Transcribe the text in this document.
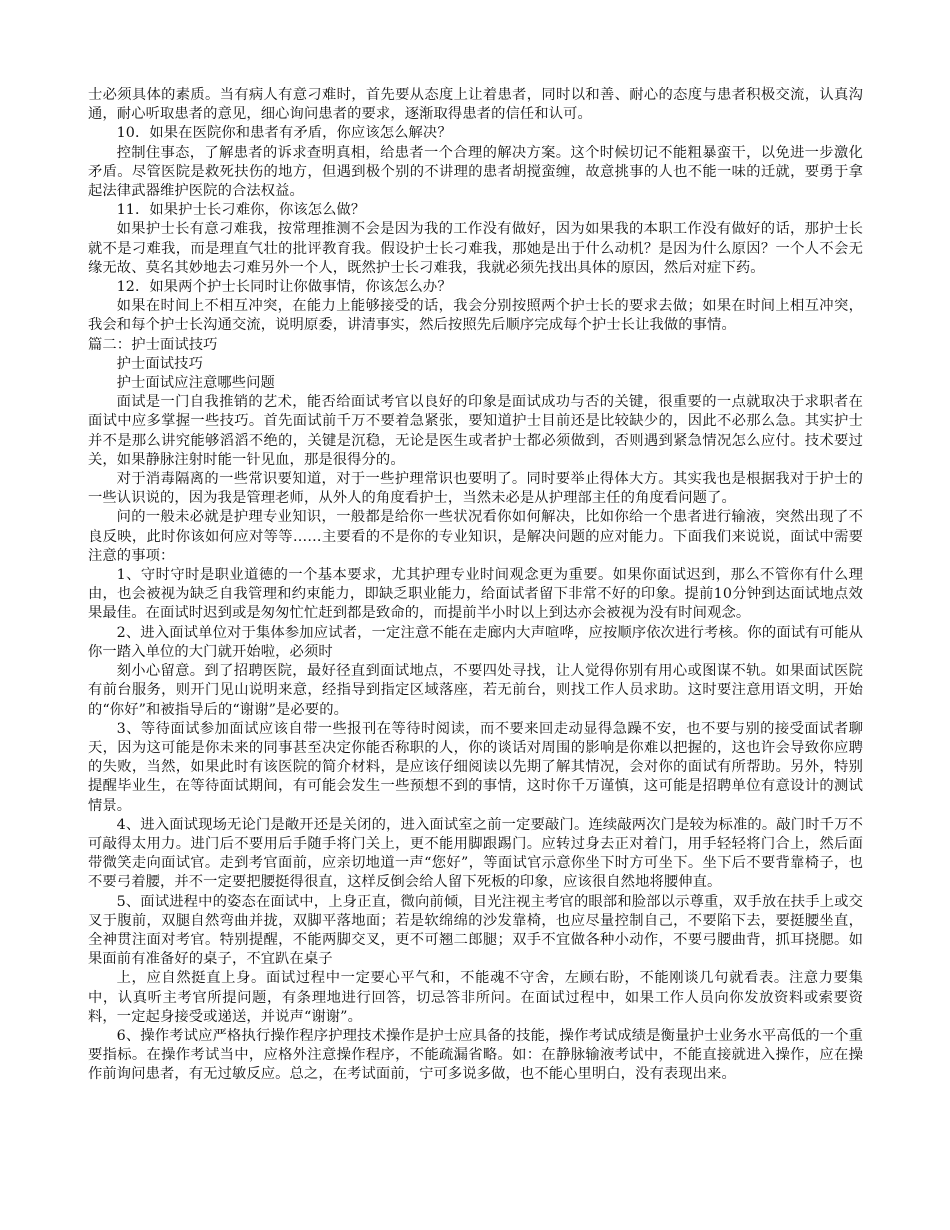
士必须具体的素质。当有病人有意刁难时，首先要从态度上让着患者，同时以和善、耐心的态度与患者积极交流，认真沟通，耐心听取患者的意见，细心询问患者的要求，逐渐取得患者的信任和认可。

10．如果在医院你和患者有矛盾，你应该怎么解决？

控制住事态，了解患者的诉求查明真相，给患者一个合理的解决方案。这个时候切记不能粗暴蛮干，以免进一步激化矛盾。尽管医院是救死扶伤的地方，但遇到极个别的不讲理的患者胡搅蛮缠，故意挑事的人也不能一味的迁就，要勇于拿起法律武器维护医院的合法权益。

11．如果护士长刁难你，你该怎么做？

如果护士长有意刁难我，按常理推测不会是因为我的工作没有做好，因为如果我的本职工作没有做好的话，那护士长就不是刁难我，而是理直气壮的批评教育我。假设护士长刁难我，那她是出于什么动机？是因为什么原因？一个人不会无缘无故、莫名其妙地去刁难另外一个人，既然护士长刁难我，我就必须先找出具体的原因，然后对症下药。

12．如果两个护士长同时让你做事情，你该怎么办？

如果在时间上不相互冲突，在能力上能够接受的话，我会分别按照两个护士长的要求去做；如果在时间上相互冲突，我会和每个护士长沟通交流，说明原委，讲清事实，然后按照先后顺序完成每个护士长让我做的事情。

篇二：护士面试技巧

护士面试技巧

护士面试应注意哪些问题

面试是一门自我推销的艺术，能否给面试考官以良好的印象是面试成功与否的关键，很重要的一点就取决于求职者在面试中应多掌握一些技巧。首先面试前千万不要着急紧张，要知道护士目前还是比较缺少的，因此不必那么急。其实护士并不是那么讲究能够滔滔不绝的，关键是沉稳，无论是医生或者护士都必须做到，否则遇到紧急情况怎么应付。技术要过关，如果静脉注射时能一针见血，那是很得分的。

对于消毒隔离的一些常识要知道，对于一些护理常识也要明了。同时要举止得体大方。其实我也是根据我对于护士的一些认识说的，因为我是管理老师，从外人的角度看护士，当然未必是从护理部主任的角度看问题了。

问的一般未必就是护理专业知识，一般都是给你一些状况看你如何解决，比如你给一个患者进行输液，突然出现了不良反映，此时你该如何应对等等……主要看的不是你的专业知识，是解决问题的应对能力。下面我们来说说，面试中需要注意的事项：

1、守时守时是职业道德的一个基本要求，尤其护理专业时间观念更为重要。如果你面试迟到，那么不管你有什么理由，也会被视为缺乏自我管理和约束能力，即缺乏职业能力，给面试者留下非常不好的印象。提前10分钟到达面试地点效果最佳。在面试时迟到或是匆匆忙忙赶到都是致命的，而提前半小时以上到达亦会被视为没有时间观念。

2、进入面试单位对于集体参加应试者，一定注意不能在走廊内大声喧哗，应按顺序依次进行考核。你的面试有可能从你一踏入单位的大门就开始啦，必须时

刻小心留意。到了招聘医院，最好径直到面试地点，不要四处寻找，让人觉得你别有用心或图谋不轨。如果面试医院有前台服务，则开门见山说明来意，经指导到指定区域落座，若无前台，则找工作人员求助。这时要注意用语文明，开始的“你好”和被指导后的“谢谢”是必要的。

3、等待面试参加面试应该自带一些报刊在等待时阅读，而不要来回走动显得急躁不安，也不要与别的接受面试者聊天，因为这可能是你未来的同事甚至决定你能否称职的人，你的谈话对周围的影响是你难以把握的，这也许会导致你应聘的失败，当然，如果此时有该医院的简介材料，是应该仔细阅读以先期了解其情况，会对你的面试有所帮助。另外，特别提醒毕业生，在等待面试期间，有可能会发生一些预想不到的事情，这时你千万谨慎，这可能是招聘单位有意设计的测试情景。

4、进入面试现场无论门是敞开还是关闭的，进入面试室之前一定要敲门。连续敲两次门是较为标准的。敲门时千万不可敲得太用力。进门后不要用后手随手将门关上，更不能用脚跟踢门。应转过身去正对着门，用手轻轻将门合上，然后面带微笑走向面试官。走到考官面前，应亲切地道一声“您好”，等面试官示意你坐下时方可坐下。坐下后不要背靠椅子，也不要弓着腰，并不一定要把腰挺得很直，这样反倒会给人留下死板的印象，应该很自然地将腰伸直。

5、面试进程中的姿态在面试中，上身正直，微向前倾，目光注视主考官的眼部和脸部以示尊重，双手放在扶手上或交叉于腹前，双腿自然弯曲并拢，双脚平落地面；若是软绵绵的沙发靠椅，也应尽量控制自己，不要陷下去，要挺腰坐直，全神贯注面对考官。特别提醒，不能两脚交叉，更不可翘二郎腿；双手不宜做各种小动作，不要弓腰曲背，抓耳挠腮。如果面前有准备好的桌子，不宜趴在桌子

上，应自然挺直上身。面试过程中一定要心平气和，不能魂不守舍，左顾右盼，不能刚谈几句就看表。注意力要集中，认真听主考官所提问题，有条理地进行回答，切忌答非所问。在面试过程中，如果工作人员向你发放资料或索要资料，一定起身接受或递送，并说声“谢谢”。

6、操作考试应严格执行操作程序护理技术操作是护士应具备的技能，操作考试成绩是衡量护士业务水平高低的一个重要指标。在操作考试当中，应格外注意操作程序，不能疏漏省略。如：在静脉输液考试中，不能直接就进入操作，应在操作前询问患者，有无过敏反应。总之，在考试面前，宁可多说多做，也不能心里明白，没有表现出来。
